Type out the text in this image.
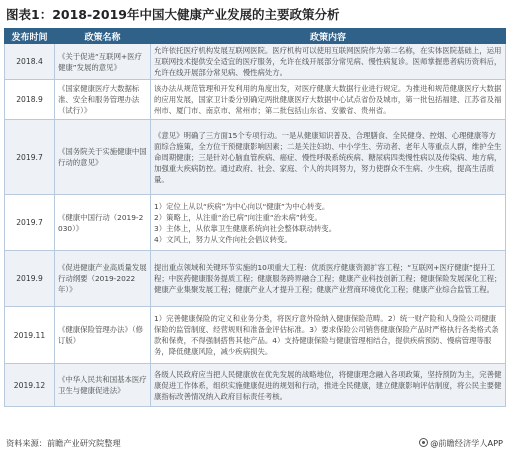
图表1：2018-2019年中国大健康产业发展的主要政策分析
发布时间	政策名称	政策内容
2018.4	《关于促进“互联网+医疗健康”发展的意见》	允许依托医疗机构发展互联网医院。医疗机构可以使用互联网医院作为第二名称，在实体医院基础上，运用互联网技术提供安全适宜的医疗服务，允许在线开展部分常见病、慢性病复诊。医师掌握患者病历资料后，允许在线开展部分常见病、慢性病处方。
2018.9	《国家健康医疗大数据标准、安全和服务管理办法（试行）》	该办法从规范管理和开发利用的角度出发，对医疗健康大数据行业进行规定。为推进和规范健康医疗大数据的应用发展，国家卫计委分别确定两批健康医疗大数据中心试点省份及城市，第一批包括福建、江苏省及福州市、厦门市、南京市、常州市；第二批包括山东省、安徽省、贵州省。
2019.7	《国务院关于实施健康中国行动的意见》	《意见》明确了三方面15个专项行动。一是从健康知识普及、合理膳食、全民健身、控烟、心理健康等方面综合施策，全方位干预健康影响因素；二是关注妇幼、中小学生、劳动者、老年人等重点人群，维护全生命周期健康；三是针对心脑血管疾病、癌症、慢性呼吸系统疾病、糖尿病四类慢性病以及传染病、地方病，加强重大疾病防控。通过政府、社会、家庭、个人的共同努力，努力使群众不生病、少生病，提高生活质量。
2019.7	《健康中国行动（2019-2030）》	1）定位上从以“疾病”为中心向以“健康”为中心转变。
2）策略上，从注重“治已病”向注重“治未病”转变。
3）主体上，从依靠卫生健康系统向社会整体联动转变。
4）文风上，努力从文件向社会倡议转变。
2019.9	《促进健康产业高质量发展行动纲要（2019-2022年）》	提出重点领域和关键环节实施的10项重大工程：优质医疗健康资源扩容工程；“互联网+医疗健康”提升工程；中医药健康服务提质工程；健康服务跨界融合工程；健康产业科技创新工程；健康保险发展深化工程；健康产业集聚发展工程；健康产业人才提升工程；健康产业营商环境优化工程；健康产业综合监管工程。
2019.11	《健康保险管理办法》（修订版）	1）完善健康保险的定义和业务分类，将医疗意外险纳入健康保险范畴。2）统一财产险和人身险公司健康保险的监管制度、经营规则和准备金评估标准。3）要求保险公司销售健康保险产品时严格执行各类格式条款和保费，不得强制搭售其他产品。4）支持健康保险与健康管理相结合，提供疾病预防、慢病管理等服务，降低健康风险，减少疾病损失。
2019.12	《中华人民共和国基本医疗卫生与健康促进法》	各级人民政府应当把人民健康放在优先发展的战略地位，将健康理念融入各项政策，坚持预防为主，完善健康促进工作体系，组织实施健康促进的规划和行动，推进全民健康，建立健康影响评估制度，将公民主要健康指标改善情况纳入政府目标责任考核。
资料来源：前瞻产业研究院整理	@前瞻经济学人APP
